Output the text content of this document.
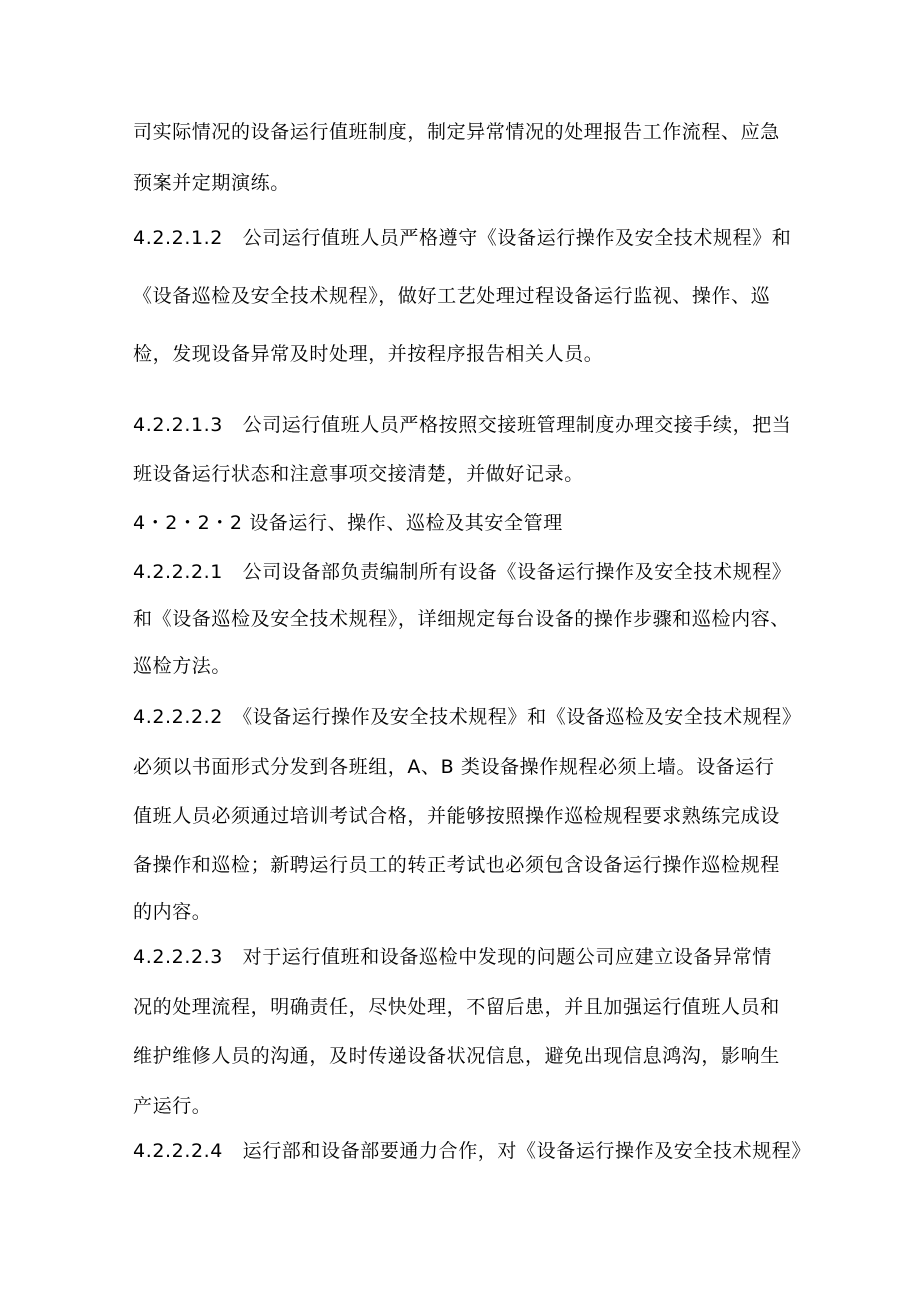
司实际情况的设备运行值班制度，制定异常情况的处理报告工作流程、应急
预案并定期演练。
4.2.2.1.2　公司运行值班人员严格遵守《设备运行操作及安全技术规程》和
《设备巡检及安全技术规程》，做好工艺处理过程设备运行监视、操作、巡
检，发现设备异常及时处理，并按程序报告相关人员。
4.2.2.1.3　公司运行值班人员严格按照交接班管理制度办理交接手续，把当
班设备运行状态和注意事项交接清楚，并做好记录。
4・2・2・2 设备运行、操作、巡检及其安全管理
4.2.2.2.1　公司设备部负责编制所有设备《设备运行操作及安全技术规程》
和《设备巡检及安全技术规程》，详细规定每台设备的操作步骤和巡检内容、
巡检方法。
4.2.2.2.2　《设备运行操作及安全技术规程》和《设备巡检及安全技术规程》
必须以书面形式分发到各班组，A、B 类设备操作规程必须上墙。设备运行
值班人员必须通过培训考试合格，并能够按照操作巡检规程要求熟练完成设
备操作和巡检；新聘运行员工的转正考试也必须包含设备运行操作巡检规程
的内容。
4.2.2.2.3　对于运行值班和设备巡检中发现的问题公司应建立设备异常情
况的处理流程，明确责任，尽快处理，不留后患，并且加强运行值班人员和
维护维修人员的沟通，及时传递设备状况信息，避免出现信息鸿沟，影响生
产运行。
4.2.2.2.4　运行部和设备部要通力合作，对《设备运行操作及安全技术规程》
